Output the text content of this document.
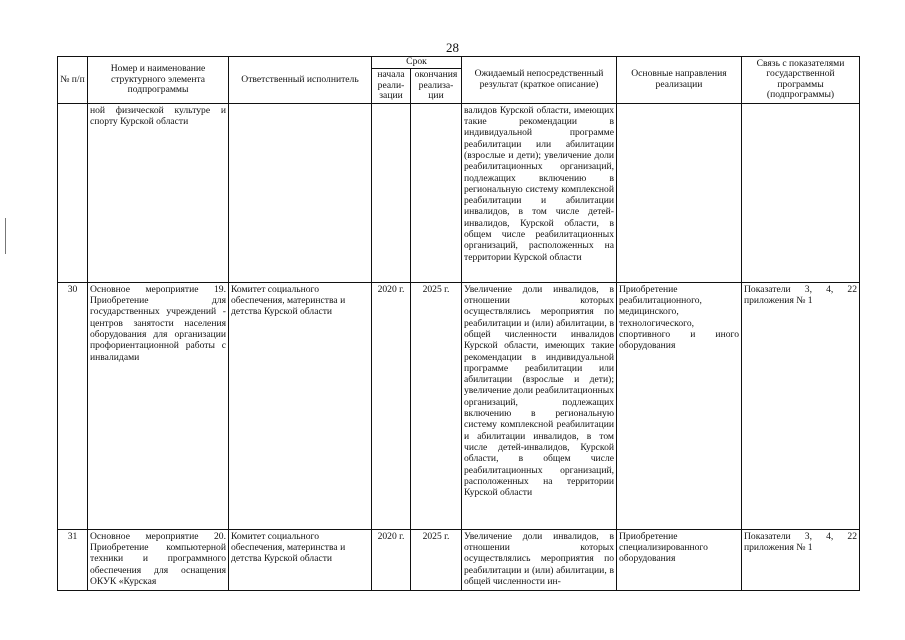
28
№ п/п	Номер и наименование структурного элемента подпрограммы	Ответственный исполнитель	Срок		Ожидаемый непосредственный результат (краткое описание)	Основные направления реализации	Связь с показателями государственной программы (подпрограммы)
			начала реали-зации	окончания реализа-ции			
	ной физической культуре и спорту Курской области				валидов Курской области, имеющих такие рекомендации в индивидуальной программе реабилитации или абилитации (взрослые и дети); увеличение доли реабилитационных организаций, подлежащих включению в региональную систему комплексной реабилитации и абилитации инвалидов, в том числе детей-инвалидов, Курской области, в общем числе реабилитационных организаций, расположенных на территории Курской области		
30	Основное мероприятие 19. Приобретение для государственных учреждений - центров занятости населения оборудования для организации профориентационной работы с инвалидами	Комитет социального обеспечения, материнства и детства Курской области	2020 г.	2025 г.	Увеличение доли инвалидов, в отношении которых осуществлялись мероприятия по реабилитации и (или) абилитации, в общей численности инвалидов Курской области, имеющих такие рекомендации в индивидуальной программе реабилитации или абилитации (взрослые и дети); увеличение доли реабилитационных организаций, подлежащих включению в региональную систему комплексной реабилитации и абилитации инвалидов, в том числе детей-инвалидов, Курской области, в общем числе реабилитационных организаций, расположенных на территории Курской области	Приобретение реабилитационного, медицинского, технологического, спортивного и иного оборудования	Показатели 3, 4, 22 приложения № 1
31	Основное мероприятие 20. Приобретение компьютерной техники и программного обеспечения для оснащения ОКУК «Курская	Комитет социального обеспечения, материнства и детства Курской области	2020 г.	2025 г.	Увеличение доли инвалидов, в отношении которых осуществлялись мероприятия по реабилитации и (или) абилитации, в общей численности ин-	Приобретение специализированного оборудования	Показатели 3, 4, 22 приложения № 1
